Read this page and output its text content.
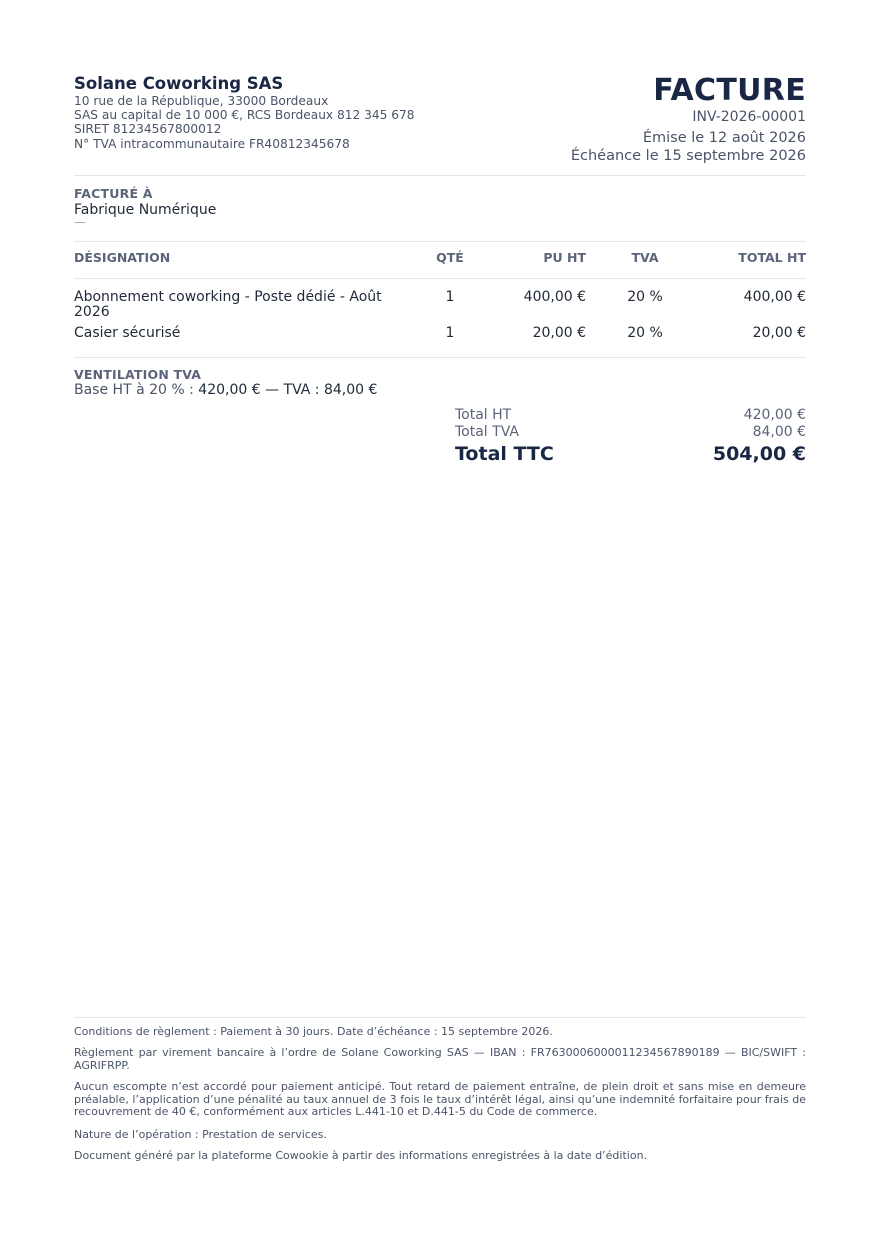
Solane Coworking SAS
10 rue de la République, 33000 Bordeaux
SAS au capital de 10 000 €, RCS Bordeaux 812 345 678
SIRET 81234567800012
N° TVA intracommunautaire FR40812345678
FACTURE
INV-2026-00001
Émise le 12 août 2026
Échéance le 15 septembre 2026
FACTURÉ À
Fabrique Numérique
—
DÉSIGNATION	QTÉ	PU HT	TVA	TOTAL HT
Abonnement coworking - Poste dédié - Août
2026
1	400,00 €	20 %	400,00 €
Casier sécurisé	1	20,00 €	20 %	20,00 €
VENTILATION TVA
Base HT à 20 % : 420,00 € — TVA : 84,00 €
Total HT	420,00 €
Total TVA	84,00 €
Total TTC	504,00 €
Conditions de règlement : Paiement à 30 jours. Date d’échéance : 15 septembre 2026.
Règlement par virement bancaire à l’ordre de Solane Coworking SAS — IBAN : FR7630006000011234567890189 — BIC/SWIFT : AGRIFRPP.
Aucun escompte n’est accordé pour paiement anticipé. Tout retard de paiement entraîne, de plein droit et sans mise en demeure préalable, l’application d’une pénalité au taux annuel de 3 fois le taux d’intérêt légal, ainsi qu’une indemnité forfaitaire pour frais de recouvrement de 40 €, conformément aux articles L.441-10 et D.441-5 du Code de commerce.
Nature de l’opération : Prestation de services.
Document généré par la plateforme Cowookie à partir des informations enregistrées à la date d’édition.
